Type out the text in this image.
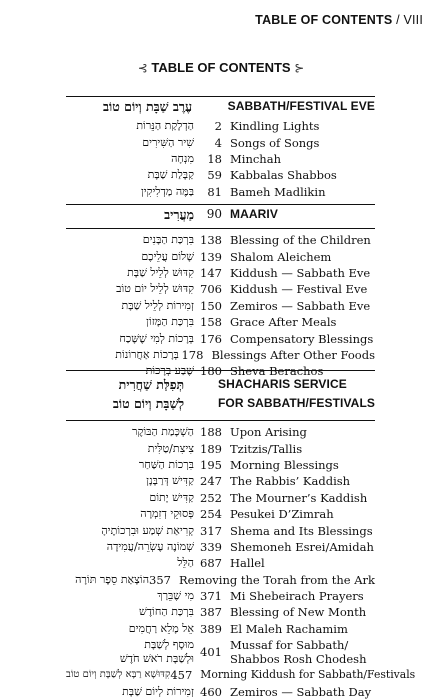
TABLE OF CONTENTS / VIII
⊰ TABLE OF CONTENTS ⊱
עֶרֶב שַׁבָּת וְיוֹם טוֹב	SABBATH/FESTIVAL EVE
הַדְלָקַת הַנֵּרוֹת	2 Kindling Lights
שִׁיר הַשִּׁירִים	4 Songs of Songs
מִנְחָה	18 Minchah
קַבָּלַת שַׁבָּת	59 Kabbalas Shabbos
בַּמֶּה מַדְלִיקִין	81 Bameh Madlikin
מַעֲרִיב	90 MAARIV
בִּרְכַּת הַבָּנִים 138 Blessing of the Children
שָׁלוֹם עֲלֵיכֶם 139 Shalom Aleichem
קִדּוּשׁ לְלֵיל שַׁבָּת 147 Kiddush — Sabbath Eve
קִדּוּשׁ לְלֵיל יוֹם טוֹב 706 Kiddush — Festival Eve
זְמִירוֹת לְלֵיל שַׁבָּת 150 Zemiros — Sabbath Eve
בִּרְכַּת הַמָּזוֹן 158 Grace After Meals
בְּרָכוֹת לְמִי שֶׁשָּׁכַח 176 Compensatory Blessings
בְּרָכוֹת אַחֲרוֹנוֹת 178 Blessings After Other Foods
שֶׁבַע בְּרָכוֹת 180 Sheva Berachos
תְּפִלַּת שַׁחֲרִית
לְשַׁבָּת וְיוֹם טוֹב
SHACHARIS SERVICE
FOR SABBATH/FESTIVALS
הַשְׁכָּמַת הַבּוֹקֶר 188 Upon Arising
צִיצִת/טַלִּית 189 Tzitzis/Tallis
בִּרְכוֹת הַשַּׁחַר 195 Morning Blessings
קַדִּישׁ דְּרַבָּנָן 247 The Rabbis’ Kaddish
קַדִּישׁ יָתוֹם 252 The Mourner’s Kaddish
פְּסוּקֵי דְזִמְרָה 254 Pesukei D’Zimrah
קְרִיאַת שְׁמַע וּבִרְכוֹתֶיהָ 317 Shema and Its Blessings
שְׁמוֹנֶה עֶשְׂרֵה/עֲמִידָה 339 Shemoneh Esrei/Amidah
הַלֵּל 687 Hallel
הוֹצָאַת סֵפֶר תּוֹרָה 357 Removing the Torah from the Ark
מִי שֶׁבֵּרַךְ 371 Mi Shebeirach Prayers
בִּרְכַּת הַחוֹדֶשׁ 387 Blessing of New Month
אֵל מָלֵא רַחֲמִים 389 El Maleh Rachamim
מוּסָף לְשַׁבָּת
וּלְשַׁבָּת רֹאשׁ חֹדֶשׁ 401 Mussaf for Sabbath/
Shabbos Rosh Chodesh
קִדּוּשָׁא רַבָּא לְשַׁבָּת וְיוֹם טוֹב 457 Morning Kiddush for Sabbath/Festivals
זְמִירוֹת לְיוֹם שַׁבָּת 460 Zemiros — Sabbath Day
